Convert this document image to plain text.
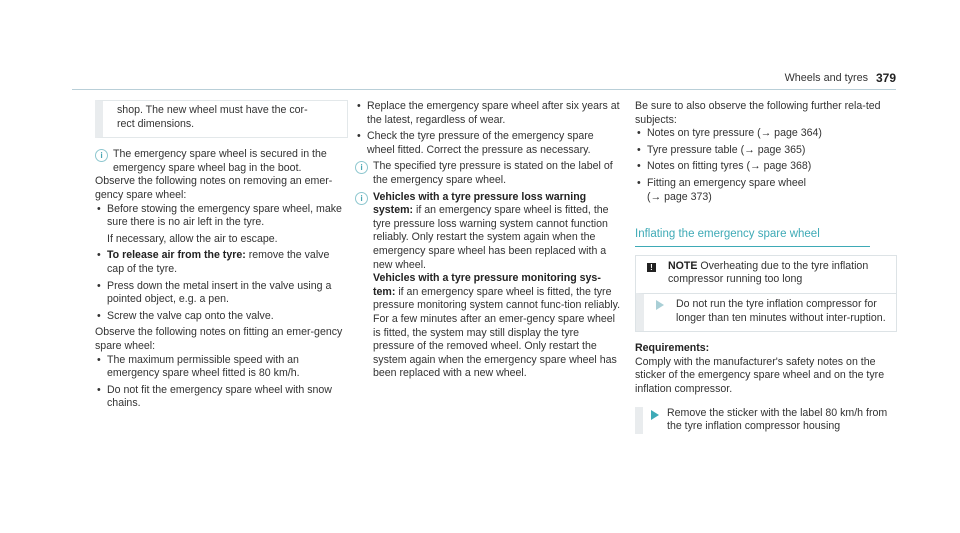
Wheels and tyres 379

shop. The new wheel must have the cor-
rect dimensions.

i The emergency spare wheel is secured in the emergency spare wheel bag in the boot.

Observe the following notes on removing an emer-gency spare wheel:

• Before stowing the emergency spare wheel, make sure there is no air left in the tyre.
If necessary, allow the air to escape.
• To release air from the tyre: remove the valve cap of the tyre.
• Press down the metal insert in the valve using a pointed object, e.g. a pen.
• Screw the valve cap onto the valve.

Observe the following notes on fitting an emer-gency spare wheel:

• The maximum permissible speed with an emergency spare wheel fitted is 80 km/h.
• Do not fit the emergency spare wheel with snow chains.
• Replace the emergency spare wheel after six years at the latest, regardless of wear.
• Check the tyre pressure of the emergency spare wheel fitted. Correct the pressure as necessary.
i The specified tyre pressure is stated on the label of the emergency spare wheel.

i Vehicles with a tyre pressure loss warning system: if an emergency spare wheel is fitted, the tyre pressure loss warning system cannot function reliably. Only restart the system again when the emergency spare wheel has been replaced with a new wheel.
Vehicles with a tyre pressure monitoring sys-tem: if an emergency spare wheel is fitted, the tyre pressure monitoring system cannot func-tion reliably. For a few minutes after an emer-gency spare wheel is fitted, the system may still display the tyre pressure of the removed wheel. Only restart the system again when the emergency spare wheel has been replaced with a new wheel.

Be sure to also observe the following further rela-ted subjects:

• Notes on tyre pressure (→ page 364)
• Tyre pressure table (→ page 365)
• Notes on fitting tyres (→ page 368)
• Fitting an emergency spare wheel
(→ page 373)
Inflating the emergency spare wheel
! NOTE Overheating due to the tyre inflation compressor running too long
Do not run the tyre inflation compressor for longer than ten minutes without inter-ruption.

Requirements:

Comply with the manufacturer's safety notes on the sticker of the emergency spare wheel and on the tyre inflation compressor.

Remove the sticker with the label 80 km/h from the tyre inflation compressor housing
